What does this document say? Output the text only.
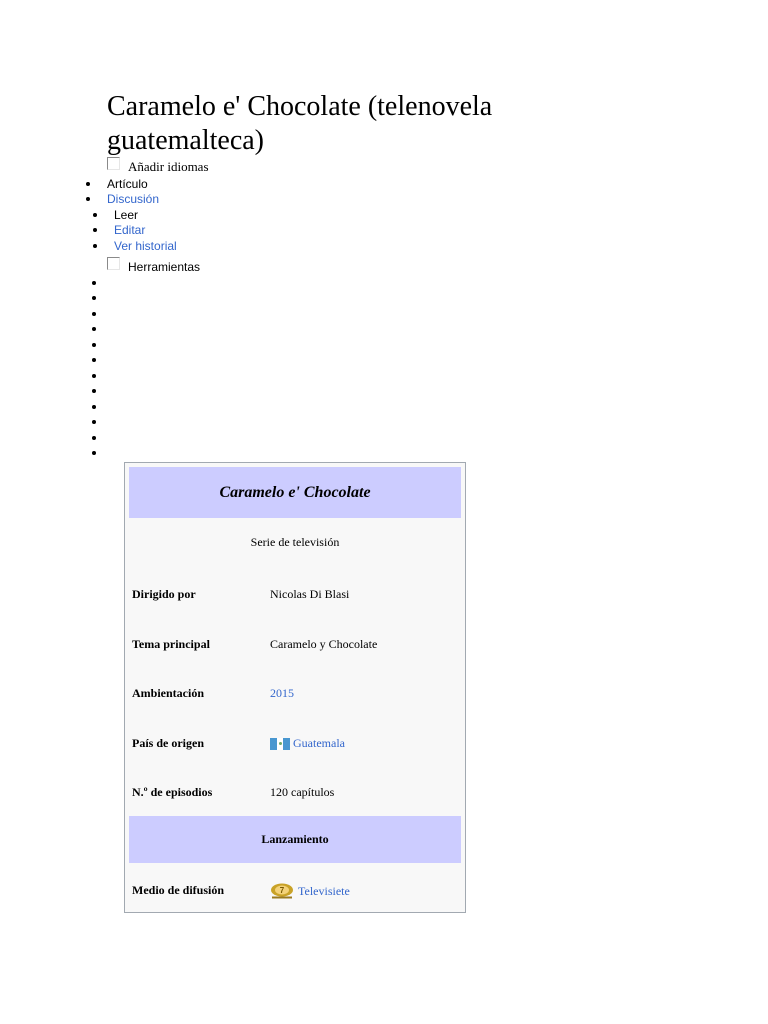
Caramelo e' Chocolate (telenovela guatemalteca)
Añadir idiomas
Artículo
Discusión
Leer
Editar
Ver historial
Herramientas
Caramelo e' Chocolate
Serie de televisión
Dirigido por	Nicolas Di Blasi
Tema principal	Caramelo y Chocolate
Ambientación	2015
País de origen	Guatemala
N.º de episodios	120 capítulos
Lanzamiento
Medio de difusión	7 Televisiete
